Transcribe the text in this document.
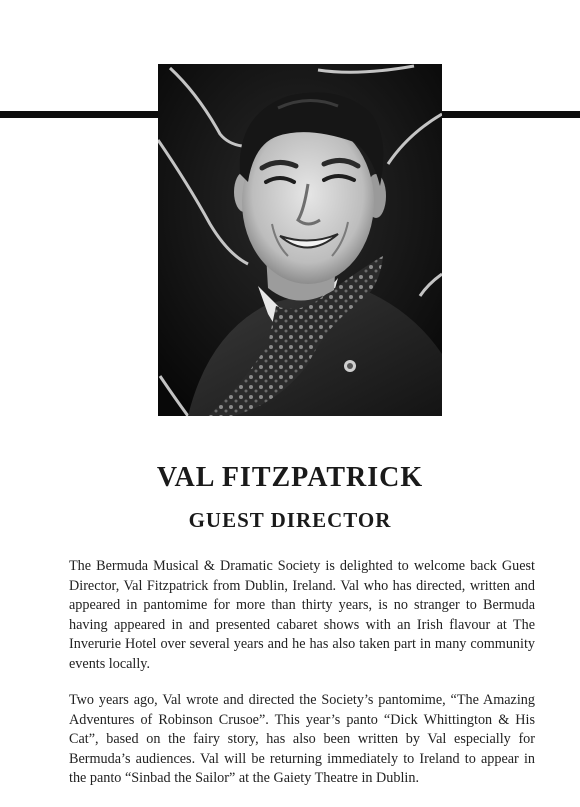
VAL FITZPATRICK
GUEST DIRECTOR

The Bermuda Musical & Dramatic Society is delighted to welcome back Guest Director, Val Fitzpatrick from Dublin, Ireland. Val who has directed, written and appeared in pantomime for more than thirty years, is no stranger to Bermuda having appeared in and presented cabaret shows with an Irish flavour at The Inverurie Hotel over several years and he has also taken part in many community events locally.

Two years ago, Val wrote and directed the Society’s pantomime, “The Amazing Adventures of Robinson Crusoe”. This year’s panto “Dick Whittington & His Cat”, based on the fairy story, has also been written by Val especially for Bermuda’s audiences. Val will be returning immediately to Ireland to appear in the panto “Sinbad the Sailor” at the Gaiety Theatre in Dublin.
